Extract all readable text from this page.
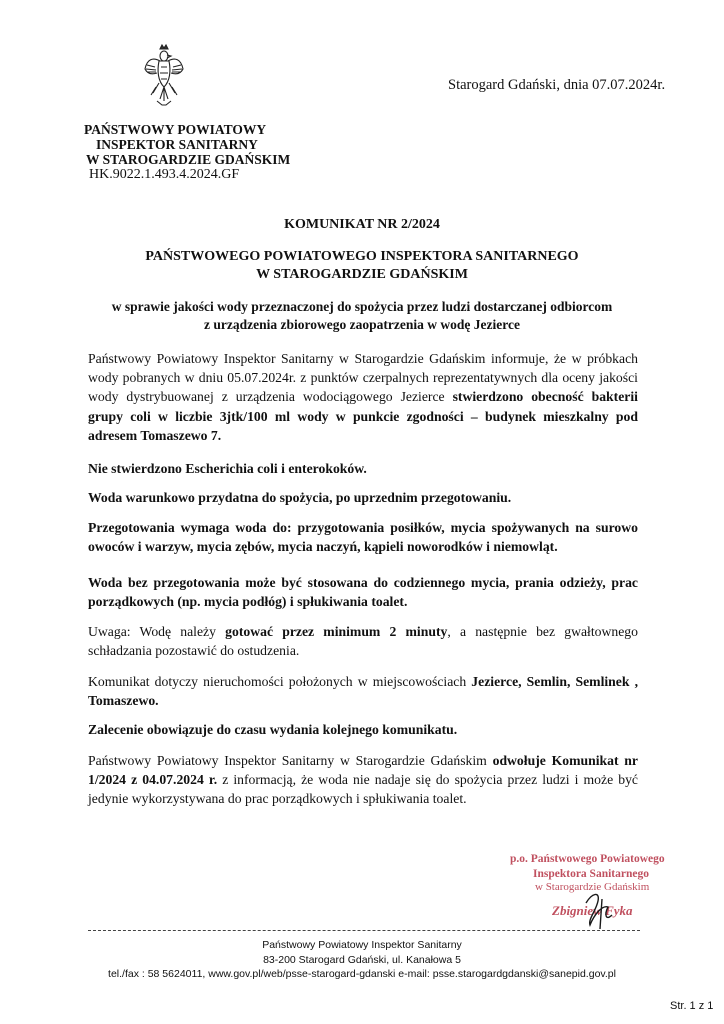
Starogard Gdański, dnia 07.07.2024r.
PAŃSTWOWY POWIATOWY
INSPEKTOR SANITARNY
W STAROGARDZIE GDAŃSKIM
HK.9022.1.493.4.2024.GF
KOMUNIKAT NR 2/2024
PAŃSTWOWEGO POWIATOWEGO INSPEKTORA SANITARNEGO
W STAROGARDZIE GDAŃSKIM
w sprawie jakości wody przeznaczonej do spożycia przez ludzi dostarczanej odbiorcom
z urządzenia zbiorowego zaopatrzenia w wodę Jezierce
Państwowy Powiatowy Inspektor Sanitarny w Starogardzie Gdańskim informuje, że w próbkach wody pobranych w dniu 05.07.2024r. z punktów czerpalnych reprezentatywnych dla oceny jakości wody dystrybuowanej z urządzenia wodociągowego Jezierce stwierdzono obecność bakterii grupy coli w liczbie 3jtk/100 ml wody w punkcie zgodności – budynek mieszkalny pod adresem Tomaszewo 7.
Nie stwierdzono Escherichia coli i enterokoków.
Woda warunkowo przydatna do spożycia, po uprzednim przegotowaniu.
Przegotowania wymaga woda do: przygotowania posiłków, mycia spożywanych na surowo owoców i warzyw, mycia zębów, mycia naczyń, kąpieli noworodków i niemowląt.
Woda bez przegotowania może być stosowana do codziennego mycia, prania odzieży, prac porządkowych (np. mycia podłóg) i spłukiwania toalet.
Uwaga: Wodę należy gotować przez minimum 2 minuty, a następnie bez gwałtownego schładzania pozostawić do ostudzenia.
Komunikat dotyczy nieruchomości położonych w miejscowościach Jezierce, Semlin, Semlinek , Tomaszewo.
Zalecenie obowiązuje do czasu wydania kolejnego komunikatu.
Państwowy Powiatowy Inspektor Sanitarny w Starogardzie Gdańskim odwołuje Komunikat nr 1/2024 z 04.07.2024 r. z informacją, że woda nie nadaje się do spożycia przez ludzi i może być jedynie wykorzystywana do prac porządkowych i spłukiwania toalet.
p.o. Państwowego Powiatowego
Inspektora Sanitarnego
w Starogardzie Gdańskim
Zbigniew Fyka
Państwowy Powiatowy Inspektor Sanitarny
83-200 Starogard Gdański, ul. Kanałowa 5
tel./fax : 58 5624011, www.gov.pl/web/psse-starogard-gdanski e-mail: psse.starogardgdanski@sanepid.gov.pl
Str. 1 z 1
